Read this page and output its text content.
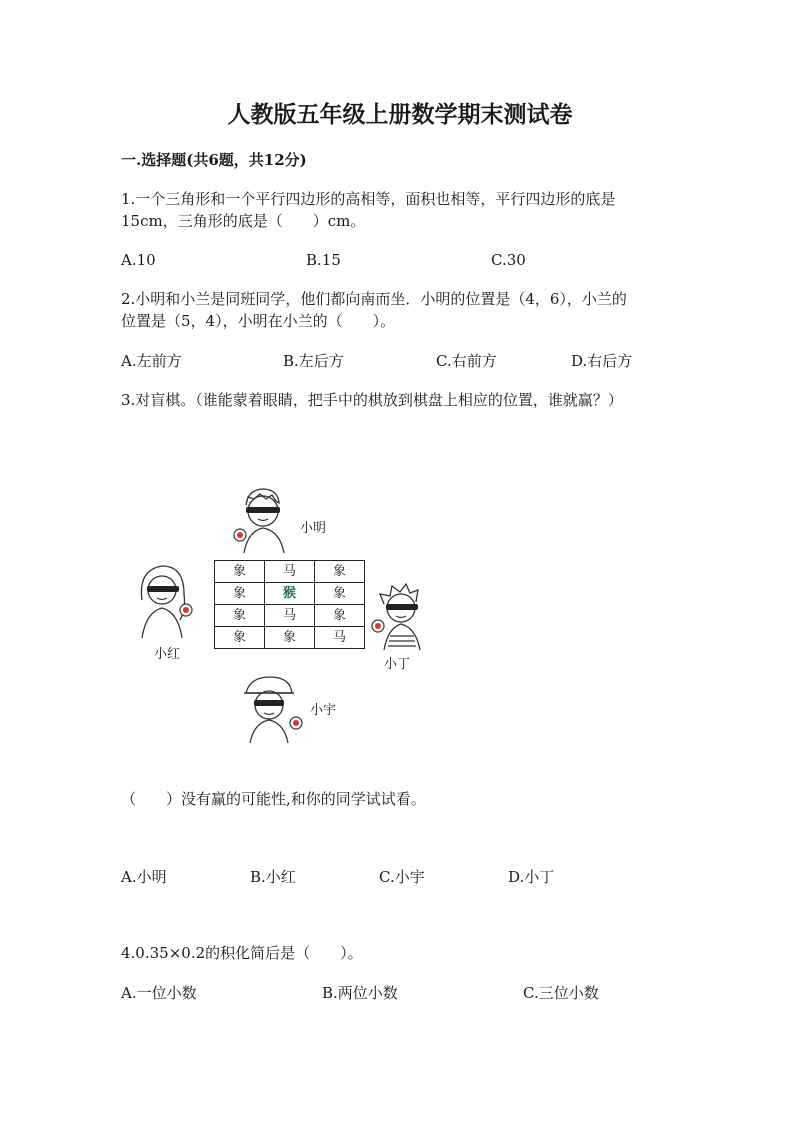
人教版五年级上册数学期末测试卷
一.选择题(共6题，共12分)
1.一个三角形和一个平行四边形的高相等，面积也相等，平行四边形的底是
15cm，三角形的底是（　　）cm。
A.10	B.15	C.30
2.小明和小兰是同班同学，他们都向南而坐．小明的位置是（4，6），小兰的
位置是（5，4），小明在小兰的（　　）。
A.左前方	B.左后方	C.右前方	D.右后方
3.对盲棋。（谁能蒙着眼睛，把手中的棋放到棋盘上相应的位置，谁就赢？）
小明
小红
象	马	象
象	猴	象
象	马	象
象	象	马
小丁
小宇
（　　）没有赢的可能性,和你的同学试试看。
A.小明	B.小红	C.小宇	D.小丁
4.0.35×0.2的积化简后是（　　）。
A.一位小数	B.两位小数	C.三位小数
